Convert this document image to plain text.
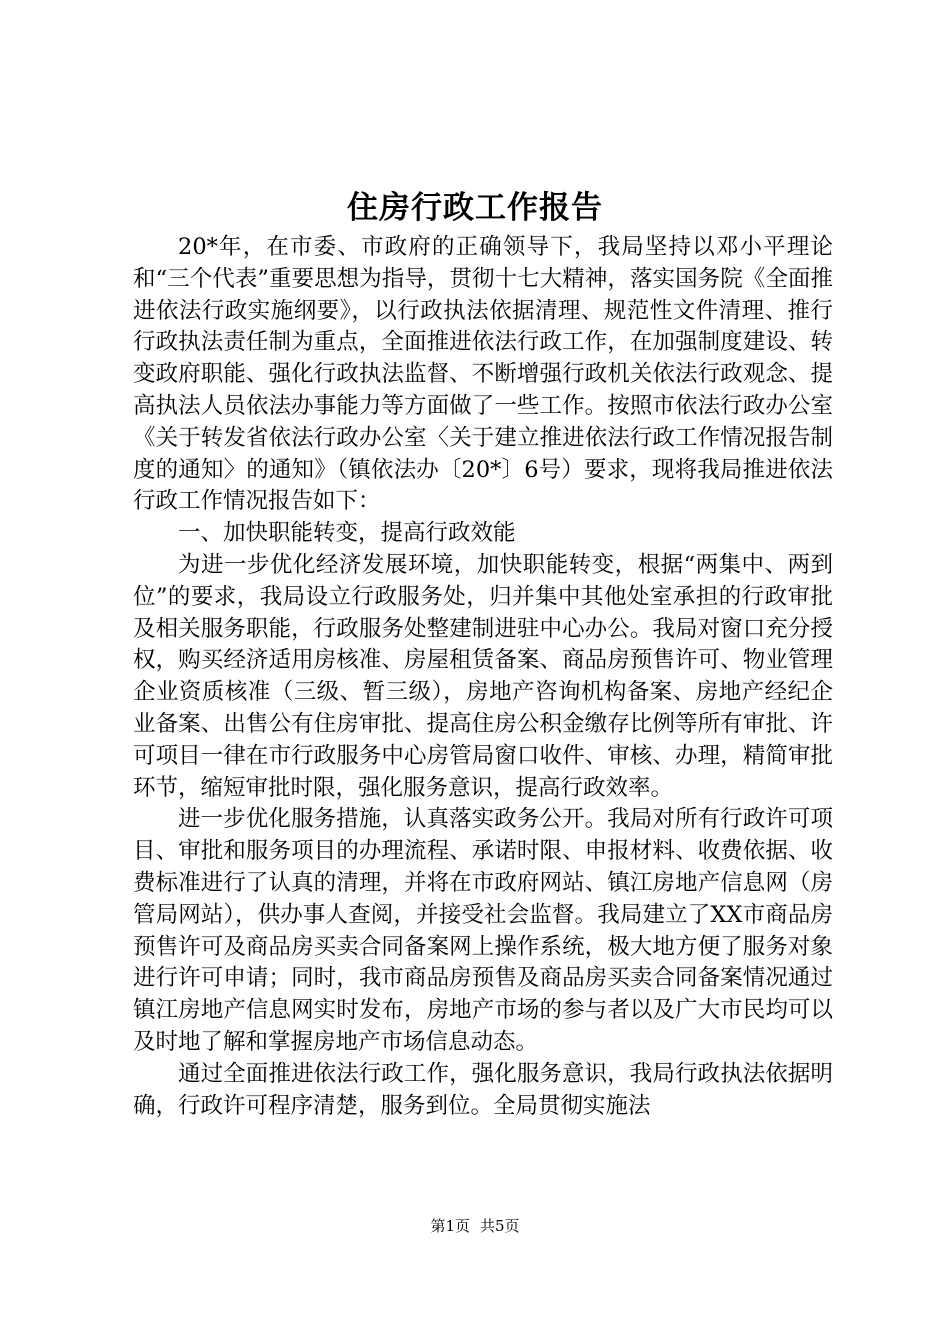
住房行政工作报告

20*年，在市委、市政府的正确领导下，我局坚持以邓小平理论和“三个代表”重要思想为指导，贯彻十七大精神，落实国务院《全面推进依法行政实施纲要》，以行政执法依据清理、规范性文件清理、推行行政执法责任制为重点，全面推进依法行政工作，在加强制度建设、转变政府职能、强化行政执法监督、不断增强行政机关依法行政观念、提高执法人员依法办事能力等方面做了一些工作。按照市依法行政办公室《关于转发省依法行政办公室〈关于建立推进依法行政工作情况报告制度的通知〉的通知》（镇依法办〔20*〕6号）要求，现将我局推进依法行政工作情况报告如下：

一、加快职能转变，提高行政效能

为进一步优化经济发展环境，加快职能转变，根据“两集中、两到位”的要求，我局设立行政服务处，归并集中其他处室承担的行政审批及相关服务职能，行政服务处整建制进驻中心办公。我局对窗口充分授权，购买经济适用房核准、房屋租赁备案、商品房预售许可、物业管理企业资质核准（三级、暂三级），房地产咨询机构备案、房地产经纪企业备案、出售公有住房审批、提高住房公积金缴存比例等所有审批、许可项目一律在市行政服务中心房管局窗口收件、审核、办理，精简审批环节，缩短审批时限，强化服务意识，提高行政效率。

进一步优化服务措施，认真落实政务公开。我局对所有行政许可项目、审批和服务项目的办理流程、承诺时限、申报材料、收费依据、收费标准进行了认真的清理，并将在市政府网站、镇江房地产信息网（房管局网站），供办事人查阅，并接受社会监督。我局建立了XX市商品房预售许可及商品房买卖合同备案网上操作系统，极大地方便了服务对象进行许可申请；同时，我市商品房预售及商品房买卖合同备案情况通过镇江房地产信息网实时发布，房地产市场的参与者以及广大市民均可以及时地了解和掌握房地产市场信息动态。

通过全面推进依法行政工作，强化服务意识，我局行政执法依据明确，行政许可程序清楚，服务到位。全局贯彻实施法

第1页 共5页
